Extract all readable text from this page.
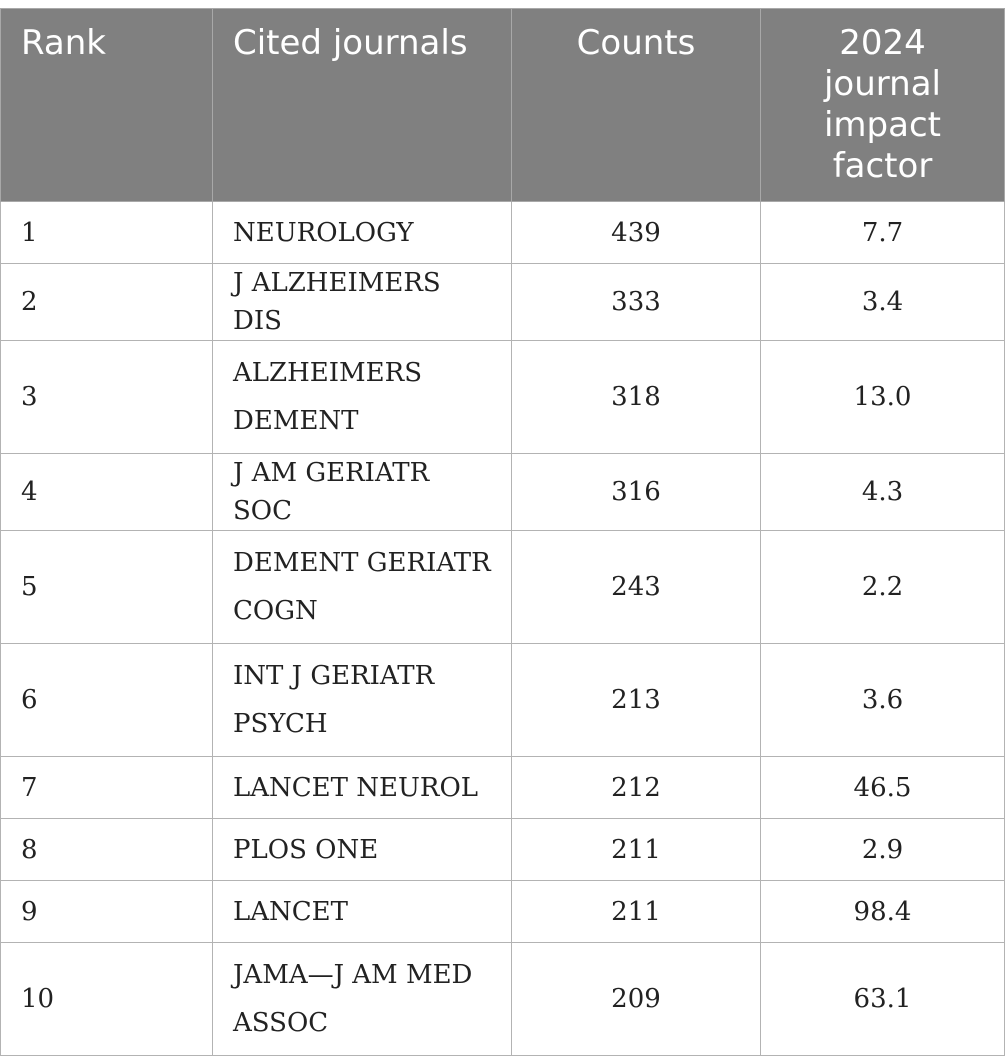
Rank	Cited journals	Counts	2024 journal impact factor
1	NEUROLOGY	439	7.7
2	J ALZHEIMERS DIS	333	3.4
3	ALZHEIMERS DEMENT	318	13.0
4	J AM GERIATR SOC	316	4.3
5	DEMENT GERIATR COGN	243	2.2
6	INT J GERIATR PSYCH	213	3.6
7	LANCET NEUROL	212	46.5
8	PLOS ONE	211	2.9
9	LANCET	211	98.4
10	JAMA—J AM MED ASSOC	209	63.1
